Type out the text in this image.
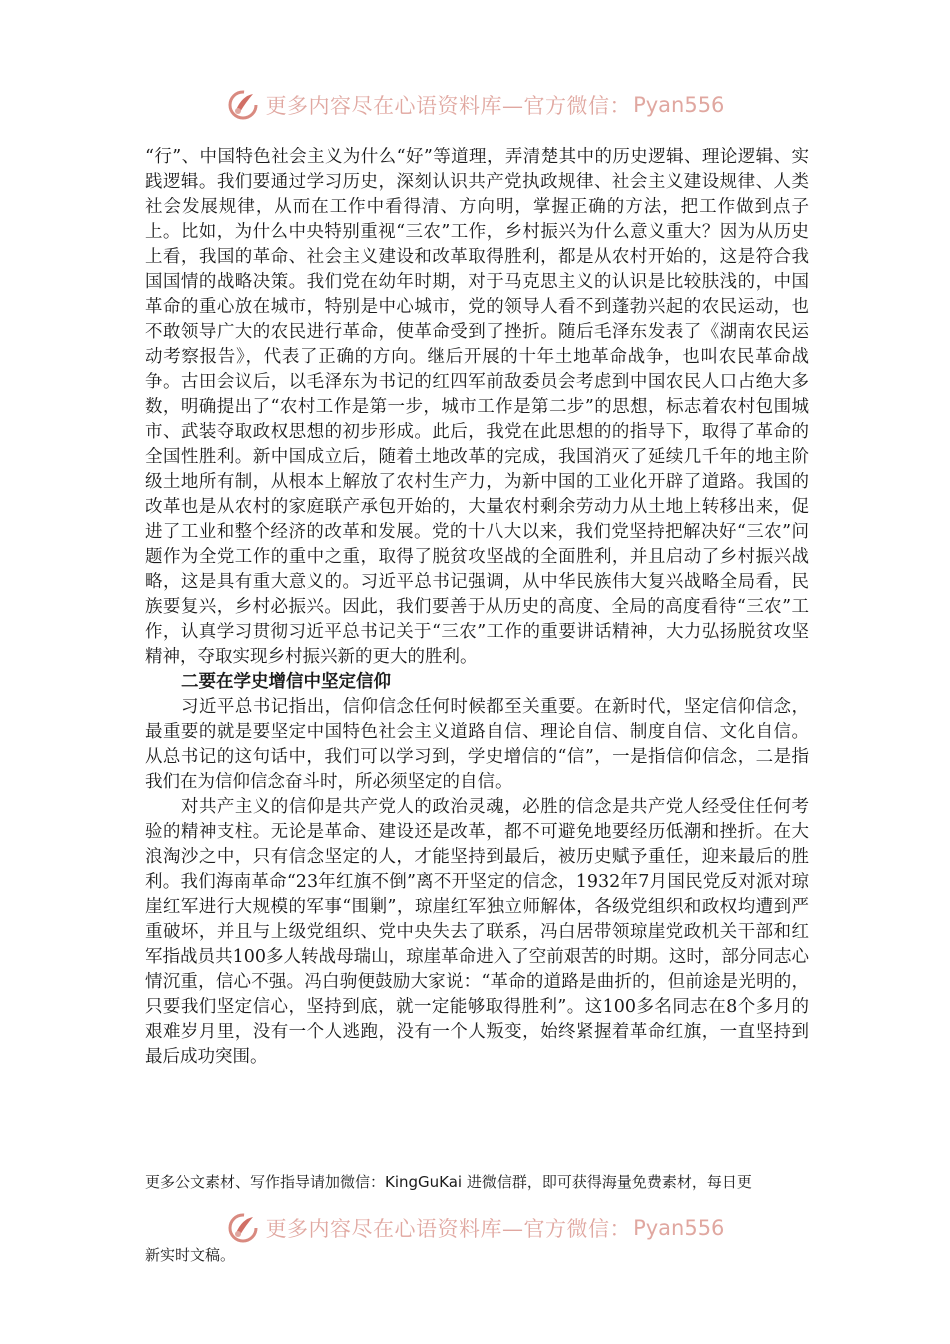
更多内容尽在心语资料库—官方微信： Pyan556

“行”、中国特色社会主义为什么“好”等道理，弄清楚其中的历史逻辑、理论逻辑、实践逻辑。我们要通过学习历史，深刻认识共产党执政规律、社会主义建设规律、人类社会发展规律，从而在工作中看得清、方向明，掌握正确的方法，把工作做到点子上。比如，为什么中央特别重视“三农”工作，乡村振兴为什么意义重大？因为从历史上看，我国的革命、社会主义建设和改革取得胜利，都是从农村开始的，这是符合我国国情的战略决策。我们党在幼年时期，对于马克思主义的认识是比较肤浅的，中国革命的重心放在城市，特别是中心城市，党的领导人看不到蓬勃兴起的农民运动，也不敢领导广大的农民进行革命，使革命受到了挫折。随后毛泽东发表了《湖南农民运动考察报告》，代表了正确的方向。继后开展的十年土地革命战争，也叫农民革命战争。古田会议后，以毛泽东为书记的红四军前敌委员会考虑到中国农民人口占绝大多数，明确提出了“农村工作是第一步，城市工作是第二步”的思想，标志着农村包围城市、武装夺取政权思想的初步形成。此后，我党在此思想的的指导下，取得了革命的全国性胜利。新中国成立后，随着土地改革的完成，我国消灭了延续几千年的地主阶级土地所有制，从根本上解放了农村生产力，为新中国的工业化开辟了道路。我国的改革也是从农村的家庭联产承包开始的，大量农村剩余劳动力从土地上转移出来，促进了工业和整个经济的改革和发展。党的十八大以来，我们党坚持把解决好“三农”问题作为全党工作的重中之重，取得了脱贫攻坚战的全面胜利，并且启动了乡村振兴战略，这是具有重大意义的。习近平总书记强调，从中华民族伟大复兴战略全局看，民族要复兴，乡村必振兴。因此，我们要善于从历史的高度、全局的高度看待“三农”工作，认真学习贯彻习近平总书记关于“三农”工作的重要讲话精神，大力弘扬脱贫攻坚精神，夺取实现乡村振兴新的更大的胜利。

二要在学史增信中坚定信仰

习近平总书记指出，信仰信念任何时候都至关重要。在新时代，坚定信仰信念，最重要的就是要坚定中国特色社会主义道路自信、理论自信、制度自信、文化自信。从总书记的这句话中，我们可以学习到，学史增信的“信”，一是指信仰信念，二是指我们在为信仰信念奋斗时，所必须坚定的自信。

对共产主义的信仰是共产党人的政治灵魂，必胜的信念是共产党人经受住任何考验的精神支柱。无论是革命、建设还是改革，都不可避免地要经历低潮和挫折。在大浪淘沙之中，只有信念坚定的人，才能坚持到最后，被历史赋予重任，迎来最后的胜利。我们海南革命“23年红旗不倒”离不开坚定的信念，1932年7月国民党反对派对琼崖红军进行大规模的军事“围剿”，琼崖红军独立师解体，各级党组织和政权均遭到严重破坏，并且与上级党组织、党中央失去了联系，冯白居带领琼崖党政机关干部和红军指战员共100多人转战母瑞山，琼崖革命进入了空前艰苦的时期。这时，部分同志心情沉重，信心不强。冯白驹便鼓励大家说：“革命的道路是曲折的，但前途是光明的，只要我们坚定信心，坚持到底，就一定能够取得胜利”。这100多名同志在8个多月的艰难岁月里，没有一个人逃跑，没有一个人叛变，始终紧握着革命红旗，一直坚持到最后成功突围。

更多公文素材、写作指导请加微信：KingGuKai 进微信群，即可获得海量免费素材，每日更
更多内容尽在心语资料库—官方微信： Pyan556
新实时文稿。
